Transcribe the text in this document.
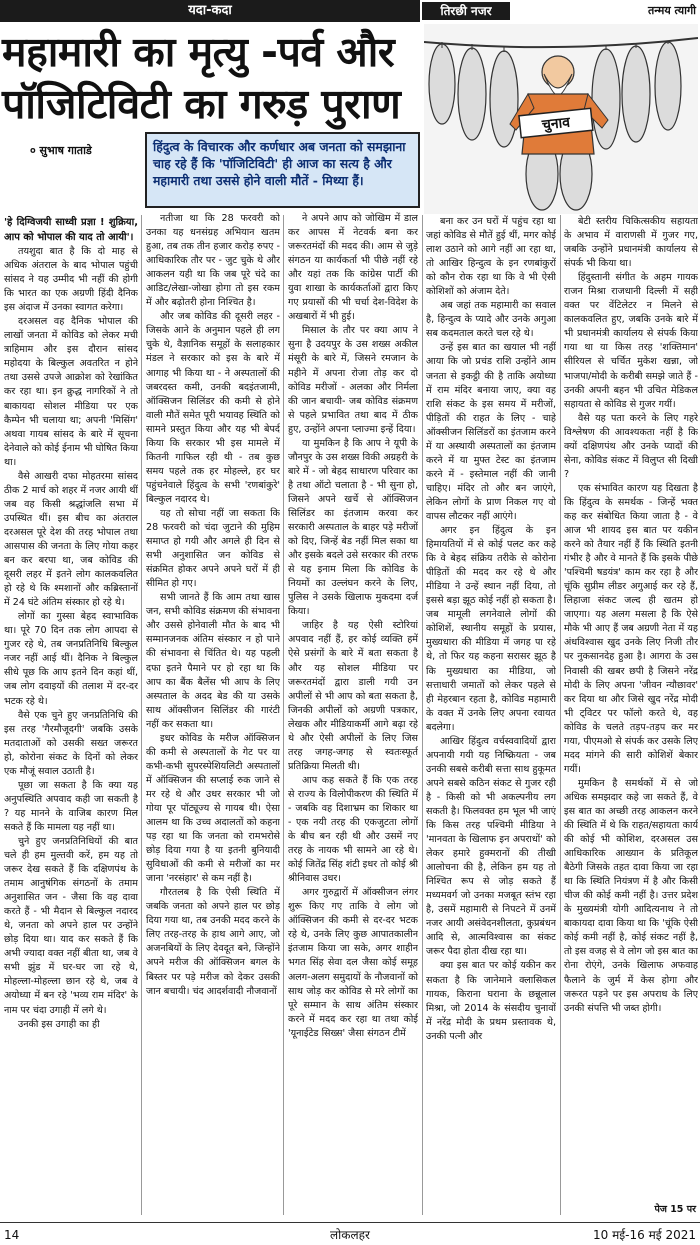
यदा-कदा	तिरछी नजर	तन्मय त्यागी
महामारी का मृत्यु -पर्व और पॉजिटिविटी का गरुड़ पुराण
० सुभाष गाताडे	हिंदुत्व के विचारक और कर्णधार अब जनता को समझाना चाह रहे हैं कि 'पॉजिटिविटी' ही आज का सत्य है और महामारी तथा उससे होने वाली मौतें - मिथ्या हैं।
चुनाव

'हे दिग्विजयी साध्वी प्रज्ञा ! शुक्रिया, आप को भोपाल की याद तो आयी'।

तयशुदा बात है कि दो माह से अधिक अंतराल के बाद भोपाल पहुंची सांसद ने यह उम्मीद भी नहीं की होगी कि भारत का एक अग्रणी हिंदी दैनिक इस अंदाज में उनका स्वागत करेगा।

दरअसल वह दैनिक भोपाल की लाखों जनता में कोविड को लेकर मची त्राहिमाम और इस दौरान सांसद महोदया के बिल्कुल अवतरित न होने तथा उससे उपजे आक्रोश को रेखांकित कर रहा था। इन क्रुद्ध नागरिकों ने तो बाकायदा सोशल मीडिया पर एक कैम्पेन भी चलाया था; अपनी 'मिसिंग' अथवा गायब सांसद के बारे में सूचना देनेवाले को कोई ईनाम भी घोषित किया था।

वैसे आखरी दफा मोहतरमा सांसद ठीक 2 मार्च को शहर में नजर आयी थीं जब वह किसी श्रद्धांजलि सभा में उपस्थित थीं। इस बीच का अंतराल दरअसल पूरे देश की तरह भोपाल तथा आसपास की जनता के लिए गोया कहर बन कर बरपा था, जब कोविड की दूसरी लहर में इतने लोग कालकवलित हो रहे थे कि श्मशानों और कब्रिस्तानों में 24 घंटे अंतिम संस्कार हो रहे थे।

लोगों का गुस्सा बेहद स्वाभाविक था। पूरे 70 दिन तक लोग आपदा से गुजर रहे थे, तब जनप्रतिनिधि बिल्कुल नजर नहीं आई थीं। दैनिक ने बिल्कुल सीधे पूछ कि आप इतने दिन कहां थीं, जब लोग दवाइयों की तलाश में दर-दर भटक रहे थे।

वैसे एक चुने हुए जनप्रतिनिधि की इस तरह 'गैरमौजूदगी' जबकि उसके मतदाताओं को उसकी सख्त जरूरत हो, कोरोना संकट के दिनों को लेकर एक मौजूं सवाल उठाती है।

पूछा जा सकता है कि क्या यह अनुपस्थिति अपवाद कही जा सकती है ? यह मानने के वाजिब कारण मिल सकते हैं कि मामला यह नहीं था।

चुने हुए जनप्रतिनिधियों की बात चले ही हम मुल्तवी करें, हम यह तो जरूर देख सकते हैं कि दक्षिणपंथ के तमाम आनुषंगिक संगठनों के तमाम अनुशासित जन - जैसा कि वह दावा करते हैं - भी मैदान से बिल्कुल नदारद थे, जनता को अपने हाल पर उन्होंने छोड़ दिया था। याद कर सकते हैं कि अभी ज्यादा वक्त नहीं बीता था, जब वे सभी झुंड में घर-घर जा रहे थे, मोहल्ला-मोहल्ला छान रहे थे, जब वे अयोध्या में बन रहे 'भव्य राम मंदिर' के नाम पर चंदा उगाही में लगे थे।

उनकी इस उगाही का ही

नतीजा था कि 28 फरवरी को उनका यह धनसंग्रह अभियान खतम हुआ, तब तक तीन हजार करोड़ रुपए - आधिकारिक तौर पर - जुट चुके थे और आकलन यही था कि जब पूरे चंदे का आडिट/लेखा-जोखा होगा तो इस रकम में और बढ़ोतरी होना निश्चित है।

और जब कोविड की दूसरी लहर - जिसके आने के अनुमान पहले ही लग चुके थे, वैज्ञानिक समूहों के सलाहकार मंडल ने सरकार को इस के बारे में आगाह भी किया था - ने अस्पतालों की जबरदस्त कमी, उनकी बदइंतजामी, ऑक्सिजन सिलिंडर की कमी से होने वाली मौतें समेत पूरी भयावह स्थिति को सामने प्रस्तुत किया और यह भी बेपर्द किया कि सरकार भी इस मामले में कितनी गाफिल रही थी - तब कुछ समय पहले तक हर मोहल्ले, हर घर पहुंचनेवाले हिंदुत्व के सभी 'रणबांकुरे' बिल्कुल नदारद थे।

यह तो सोचा नहीं जा सकता कि 28 फरवरी को चंदा जुटाने की मुहिम समाप्त हो गयी और अगले ही दिन से सभी अनुशासित जन कोविड से संक्रमित होकर अपने अपने घरों में ही सीमित हो गए।

सभी जानते हैं कि आम तथा खास जन, सभी कोविड संक्रमण की संभावना और उससे होनेवाली मौत के बाद भी सम्मानजनक अंतिम संस्कार न हो पाने की संभावना से चिंतित थे। यह पहली दफा इतने पैमाने पर हो रहा था कि आप का बैंक बैलेंस भी आप के लिए अस्पताल के अदद बेड की या उसके साथ ऑक्सीजन सिलिंडर की गारंटी नहीं कर सकता था।

इधर कोविड के मरीज ऑक्सिजन की कमी से अस्पतालों के गेट पर या कभी-कभी सुपरस्पेशियलिटी अस्पतालों में ऑक्सिजन की सप्लाई रुक जाने से मर रहे थे और उधर सरकार भी जो गोया पूर पॉट्यूज्य से गायब थी। ऐसा आलम था कि उच्च अदालतों को कहना पड़ रहा था कि जनता को रामभरोसे छोड़ दिया गया है या इतनी बुनियादी सुविधाओं की कमी से मरीजों का मर जाना 'नरसंहार' से कम नहीं है।

गौरतलब है कि ऐसी स्थिति में जबकि जनता को अपने हाल पर छोड़ दिया गया था, तब उनकी मदद करने के लिए तरह-तरह के हाथ आगे आए, जो अजनबियों के लिए देवदूत बने, जिन्होंने अपने मरीज की ऑक्सिजन बगल के बिस्तर पर पड़े मरीज को देकर उसकी जान बचायी। चंद आदर्शवादी नौजवानों

ने अपने आप को जोखिम में डाल कर आपस में नेटवर्क बना कर जरूरतमंदों की मदद की। आम से जुड़े संगठन या कार्यकर्ता भी पीछे नहीं रहे और यहां तक कि कांग्रेस पार्टी की युवा शाखा के कार्यकर्ताओं द्वारा किए गए प्रयासों की भी चर्चा देश-विदेश के अखबारों में भी हुई।

मिसाल के तौर पर क्या आप ने सुना है उदयपुर के उस शख्स अकील मंसूरी के बारे में, जिसने रमजान के महीने में अपना रोजा तोड़ कर दो कोविड मरीजों - अलका और निर्मला की जान बचायी- जब कोविड संक्रमण से पहले प्रभावित तथा बाद में ठीक हुए, उन्होंने अपना प्लाज्मा इन्हें दिया।

या मुमकिन है कि आप ने यूपी के जौनपुर के उस शख्स विकी अग्रहरी के बारे में - जो बेहद साधारण परिवार का है तथा ऑटो चलाता है - भी सुना हो, जिसने अपने खर्चे से ऑक्सिजन सिलिंडर का इंतजाम करवा कर सरकारी अस्पताल के बाहर पड़े मरीजों को दिए, जिन्हें बेड नहीं मिल सका था और इसके बदले उसे सरकार की तरफ से यह इनाम मिला कि कोविड के नियमों का उल्लंघन करने के लिए, पुलिस ने उसके खिलाफ मुकदमा दर्ज किया।

जाहिर है यह ऐसी स्टोरियां अपवाद नहीं हैं, हर कोई व्यक्ति हमें ऐसे प्रसंगों के बारे में बता सकता है और यह सोशल मीडिया पर जरूरतमंदों द्वारा डाली गयी उन अपीलों से भी आप को बता सकता है, जिनकी अपीलों को अग्रणी पत्रकार, लेखक और मीडियाकर्मी आगे बढ़ा रहे थे और ऐसी अपीलों के लिए जिस तरह जगह-जगह से स्वतःस्फूर्त प्रतिक्रिया मिलती थी।

आप कह सकते हैं कि एक तरह से राज्य के विलोपीकरण की स्थिति में - जबकि वह दिशाभ्रम का शिकार था - एक नयी तरह की एकजुटता लोगों के बीच बन रही थी और उसमें नए तरह के नायक भी सामने आ रहे थे। कोई जितेंद्र सिंह शंटी इधर तो कोई श्री श्रीनिवास उधर।

अगर गुरुद्वारों में ऑक्सीजन लंगर शुरू किए गए ताकि वे लोग जो ऑक्सिजन की कमी से दर-दर भटक रहे थे, उनके लिए कुछ आपातकालीन इंतजाम किया जा सके, अगर शाहीन भगत सिंह सेवा दल जैसा कोई समूह अलग-अलग समुदायों के नौजवानों को साथ जोड़ कर कोविड से मरे लोगों का पूरे सम्मान के साथ अंतिम संस्कार करने में मदद कर रहा था तथा कोई 'यूनाईटेड सिख्स' जैसा संगठन टीमें

बना कर उन घरों में पहुंच रहा था जहां कोविड से मौतें हुई थीं, मगर कोई लाश उठाने को आगे नहीं आ रहा था, तो आखिर हिन्दुत्व के इन रणबांकुरों को कौन रोक रहा था कि वे भी ऐसी कोशिशों को अंजाम देते।

अब जहां तक महामारी का सवाल है, हिन्दुत्व के प्यादे और उनके अगुआ सब कदमताल करते चल रहे थे।

उन्हें इस बात का खयाल भी नहीं आया कि जो प्रचंड राशि उन्होंने आम जनता से इकट्ठी की है ताकि अयोध्या में राम मंदिर बनाया जाए, क्या वह राशि संकट के इस समय में मरीजों, पीड़ितों की राहत के लिए - चाहे ऑक्सीजन सिलिंडरों का इंतजाम करने में या अस्थायी अस्पतालों का इंतजाम करने में या मुफ्त टेस्ट का इंतजाम करने में - इस्तेमाल नहीं की जानी चाहिए। मंदिर तो और बन जाएंगे, लेकिन लोगों के प्राण निकल गए वो वापस लौटकर नहीं आएंगे।

अगर इन हिंदुत्व के इन हिमायतियों में से कोई पलट कर कहे कि वे बेहद संक्रिय तरीके से कोरोना पीड़ितों की मदद कर रहे थे और मीडिया ने उन्हें स्थान नहीं दिया, तो इससे बड़ा झूठ कोई नहीं हो सकता है। जब मामूली लगनेवाले लोगों की कोशिशें, स्थानीय समूहों के प्रयास, मुख्यधारा की मीडिया में जगह पा रहे थे, तो फिर यह कहना सरासर झूठ है कि मुख्यधारा का मीडिया, जो सत्ताधारी जमातों को लेकर पहले से ही मेहरबान रहता है, कोविड महामारी के वक्त में उनके लिए अपना रवायत बदलेगा।

आखिर हिंदुत्व वर्चस्ववादियों द्वारा अपनायी गयी यह निष्क्रियता - जब उनकी सबसे करीबी सत्ता साथ हुकूमत अपने सबसे कठिन संकट से गुजर रही है - किसी को भी अकल्पनीय लग सकती है। फिलवक्त हम भूल भी जाएं कि किस तरह पश्चिमी मीडिया ने 'मानवता के खिलाफ इन अपराधों' को लेकर हमारे हुक्मरानों की तीखी आलोचना की है, लेकिन हम यह तो निश्चित रूप से जोड़ सकते हैं मध्यमवर्ग जो उनका मजबूत स्तंभ रहा है, उसमें महामारी से निपटने में उनमें नजर आयी असंवेदनशीलता, कुप्रबंधन आदि से, आत्मविश्वास का संकट जरूर पैदा होता दीख रहा था।

क्या इस बात पर कोई यकीन कर सकता है कि जानेमाने क्लासिकल गायक, किराना घराना के छन्नूलाल मिश्रा, जो 2014 के संसदीय चुनावों में नरेंद्र मोदी के प्रथम प्रस्तावक थे, उनकी पत्नी और

बेटी स्तरीय चिकित्सकीय सहायता के अभाव में वाराणसी में गुजर गए, जबकि उन्होंने प्रधानमंत्री कार्यालय से संपर्क भी किया था।

हिंदुस्तानी संगीत के अहम गायक राजन मिश्रा राजधानी दिल्ली में सही वक्त पर वेंटिलेटर न मिलने से कालकवलित हुए, जबकि उनके बारे में भी प्रधानमंत्री कार्यालय से संपर्क किया गया था या किस तरह 'शक्तिमान' सीरियल से चर्चित मुकेश खन्ना, जो भाजपा/मोदी के करीबी समझे जाते हैं - उनकी अपनी बहन भी उचित मेडिकल सहायता से कोविड से गुजर गयीं।

वैसे यह पता करने के लिए गहरे विश्लेषण की आवश्यकता नहीं है कि क्यों दक्षिणपंथ और उनके प्यादों की सेना, कोविड संकट में विलुप्त सी दिखी ?

एक संभावित कारण यह दिखता है कि हिंदुत्व के समर्थक - जिन्हें भक्त कह कर संबोधित किया जाता है - वे आज भी शायद इस बात पर यकीन करने को तैयार नहीं हैं कि स्थिति इतनी गंभीर है और वे मानते हैं कि इसके पीछे 'पश्चिमी षडयंत्र' काम कर रहा है और चूंकि सुप्रीम लीडर अगुआई कर रहे हैं, लिहाजा संकट जल्द ही खतम हो जाएगा। यह अलग मसला है कि ऐसे मौके भी आए हैं जब अग्रणी नेता में यह अंधविश्वास खुद उनके लिए निजी तौर पर नुकसानदेह हुआ है। आगरा के उस निवासी की खबर छपी है जिसने नरेंद्र मोदी के लिए अपना 'जीवन न्यौछावर' कर दिया था और जिसे खुद नरेंद्र मोदी भी ट्विटर पर फॉलो करते थे, वह कोविड के चलते तड़प-तड़प कर मर गया, पीएमओ से संपर्क कर उसके लिए मदद मांगने की सारी कोशिशें बेकार गयीं।

मुमकिन है समर्थकों में से जो अधिक समझदार कहे जा सकते हैं, वे इस बात का अच्छी तरह आकलन करने की स्थिति में थे कि राहत/सहायता कार्य की कोई भी कोशिश, दरअसल उस आधिकारिक आख्यान के प्रतिकूल बैठेगी जिसके तहत दावा किया जा रहा था कि स्थिति नियंत्रण में है और किसी चीज की कोई कमी नहीं है। उत्तर प्रदेश के मुख्यमंत्री योगी आदित्यनाथ ने तो बाकायदा दावा किया था कि 'चूंकि ऐसी कोई कमी नहीं है, कोई संकट नहीं है, तो इस वजह से वे लोग जो इस बात का रोना रोएंगे, उनके खिलाफ अफवाह फैलाने के जुर्म में केस होगा और जरूरत पड़ने पर इस अपराध के लिए उनकी संपत्ति भी जब्त होगी।

पेज 15 पर
14	लोकलहर	10 मई-16 मई 2021
